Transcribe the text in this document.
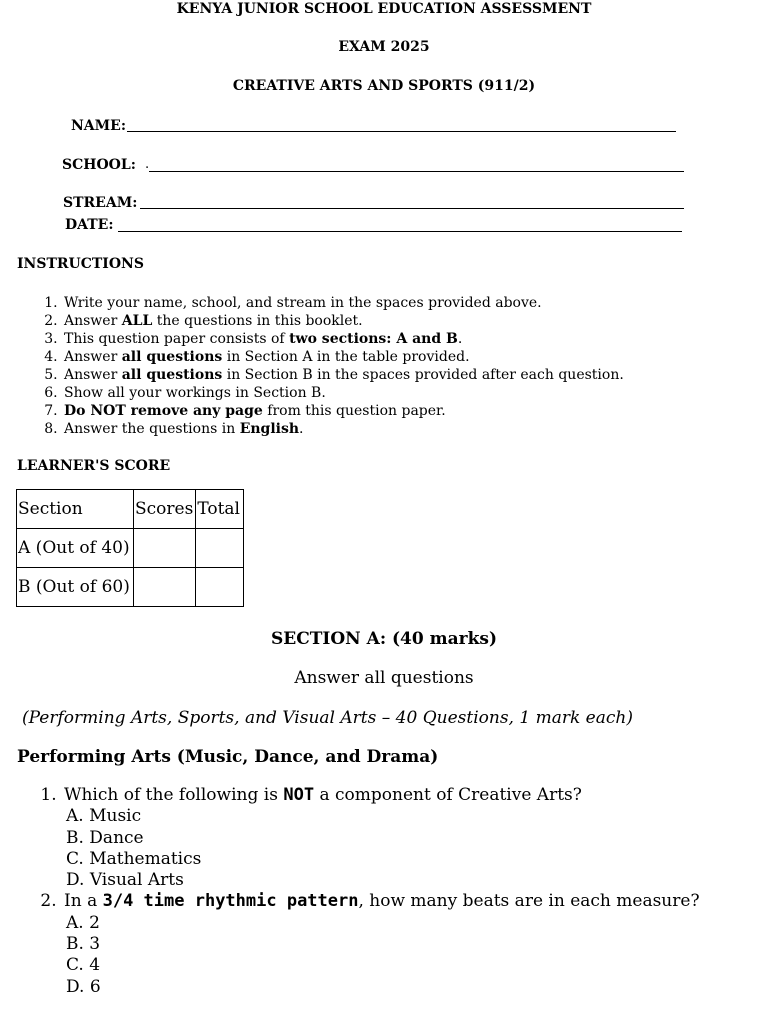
KENYA JUNIOR SCHOOL EDUCATION ASSESSMENT
EXAM 2025
CREATIVE ARTS AND SPORTS (911/2)
NAME:
SCHOOL: .
STREAM:
DATE:
INSTRUCTIONS
1. Write your name, school, and stream in the spaces provided above.
2. Answer ALL the questions in this booklet.
3. This question paper consists of two sections: A and B.
4. Answer all questions in Section A in the table provided.
5. Answer all questions in Section B in the spaces provided after each question.
6. Show all your workings in Section B.
7. Do NOT remove any page from this question paper.
8. Answer the questions in English.
LEARNER'S SCORE
Section	Scores	Total
A (Out of 40)		
B (Out of 60)		
SECTION A: (40 marks)
Answer all questions
(Performing Arts, Sports, and Visual Arts – 40 Questions, 1 mark each)
Performing Arts (Music, Dance, and Drama)
1. Which of the following is NOT a component of Creative Arts?
A. Music
B. Dance
C. Mathematics
D. Visual Arts
2. In a 3/4 time rhythmic pattern, how many beats are in each measure?
A. 2
B. 3
C. 4
D. 6
